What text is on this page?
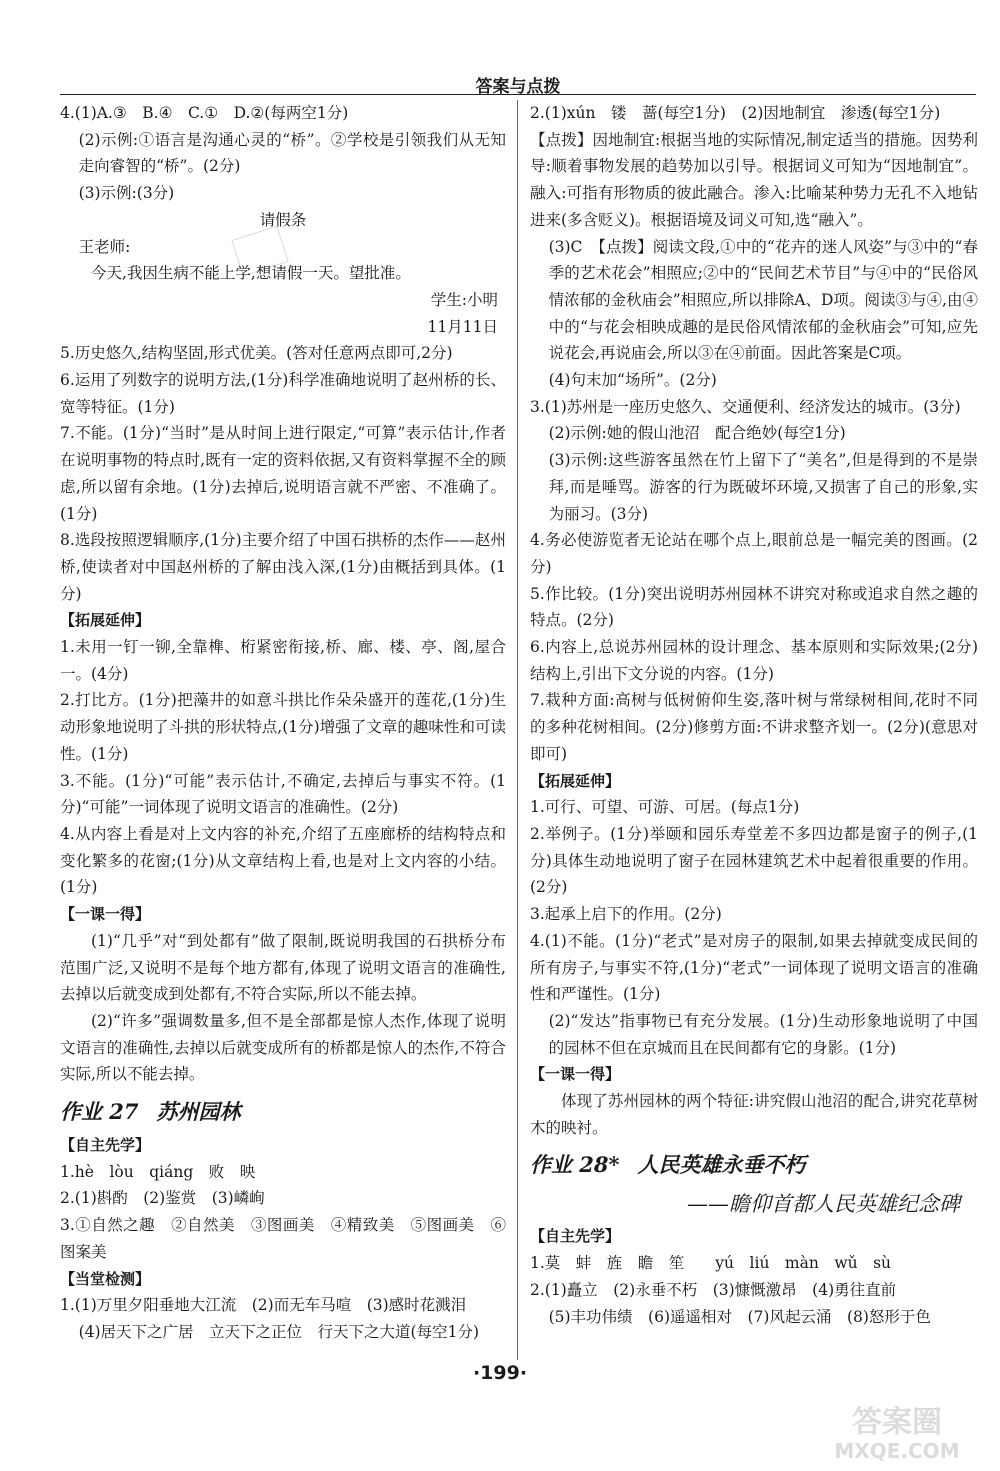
答案与点拨

4.(1)A.③　B.④　C.①　D.②(每两空1分)

(2)示例:①语言是沟通心灵的“桥”。②学校是引领我们从无知走向睿智的“桥”。(2分)

(3)示例:(3分)

请假条

王老师:

今天,我因生病不能上学,想请假一天。望批准。

学生:小明

11月11日

5.历史悠久,结构坚固,形式优美。(答对任意两点即可,2分)

6.运用了列数字的说明方法,(1分)科学准确地说明了赵州桥的长、宽等特征。(1分)

7.不能。(1分)“当时”是从时间上进行限定,“可算”表示估计,作者在说明事物的特点时,既有一定的资料依据,又有资料掌握不全的顾虑,所以留有余地。(1分)去掉后,说明语言就不严密、不准确了。(1分)

8.选段按照逻辑顺序,(1分)主要介绍了中国石拱桥的杰作——赵州桥,使读者对中国赵州桥的了解由浅入深,(1分)由概括到具体。(1分)

【拓展延伸】

1.未用一钉一铆,全靠榫、桁紧密衔接,桥、廊、楼、亭、阁,屋合一。(4分)

2.打比方。(1分)把藻井的如意斗拱比作朵朵盛开的莲花,(1分)生动形象地说明了斗拱的形状特点,(1分)增强了文章的趣味性和可读性。(1分)

3.不能。(1分)“可能”表示估计,不确定,去掉后与事实不符。(1分)“可能”一词体现了说明文语言的准确性。(2分)

4.从内容上看是对上文内容的补充,介绍了五座廊桥的结构特点和变化繁多的花窗;(1分)从文章结构上看,也是对上文内容的小结。(1分)

【一课一得】

(1)“几乎”对“到处都有”做了限制,既说明我国的石拱桥分布范围广泛,又说明不是每个地方都有,体现了说明文语言的准确性,去掉以后就变成到处都有,不符合实际,所以不能去掉。

(2)“许多”强调数量多,但不是全部都是惊人杰作,体现了说明文语言的准确性,去掉以后就变成所有的桥都是惊人的杰作,不符合实际,所以不能去掉。

作业 27 苏州园林

【自主先学】

1.hè　lòu　qiáng　败　映

2.(1)斟酌　(2)鉴赏　(3)嶙峋

3.①自然之趣　②自然美　③图画美　④精致美　⑤图画美　⑥图案美

【当堂检测】

1.(1)万里夕阳垂地大江流　(2)而无车马喧　(3)感时花溅泪

(4)居天下之广居　立天下之正位　行天下之大道(每空1分)

2.(1)xún　镂　蔷(每空1分)　(2)因地制宜　渗透(每空1分)

【点拨】因地制宜:根据当地的实际情况,制定适当的措施。因势利导:顺着事物发展的趋势加以引导。根据词义可知为“因地制宜”。融入:可指有形物质的彼此融合。渗入:比喻某种势力无孔不入地钻进来(多含贬义)。根据语境及词义可知,选“融入”。

(3)C　【点拨】阅读文段,①中的“花卉的迷人风姿”与③中的“春季的艺术花会”相照应;②中的“民间艺术节目”与④中的“民俗风情浓郁的金秋庙会”相照应,所以排除A、D项。阅读③与④,由④中的“与花会相映成趣的是民俗风情浓郁的金秋庙会”可知,应先说花会,再说庙会,所以③在④前面。因此答案是C项。

(4)句末加“场所”。(2分)

3.(1)苏州是一座历史悠久、交通便利、经济发达的城市。(3分)

(2)示例:她的假山池沼　配合绝妙(每空1分)

(3)示例:这些游客虽然在竹上留下了“美名”,但是得到的不是崇拜,而是唾骂。游客的行为既破坏环境,又损害了自己的形象,实为丽习。(3分)

4.务必使游览者无论站在哪个点上,眼前总是一幅完美的图画。(2分)

5.作比较。(1分)突出说明苏州园林不讲究对称或追求自然之趣的特点。(2分)

6.内容上,总说苏州园林的设计理念、基本原则和实际效果;(2分)结构上,引出下文分说的内容。(1分)

7.栽种方面:高树与低树俯仰生姿,落叶树与常绿树相间,花时不同的多种花树相间。(2分)修剪方面:不讲求整齐划一。(2分)(意思对即可)

【拓展延伸】

1.可行、可望、可游、可居。(每点1分)

2.举例子。(1分)举颐和园乐寿堂差不多四边都是窗子的例子,(1分)具体生动地说明了窗子在园林建筑艺术中起着很重要的作用。(2分)

3.起承上启下的作用。(2分)

4.(1)不能。(1分)“老式”是对房子的限制,如果去掉就变成民间的所有房子,与事实不符,(1分)“老式”一词体现了说明文语言的准确性和严谨性。(1分)

(2)“发达”指事物已有充分发展。(1分)生动形象地说明了中国的园林不但在京城而且在民间都有它的身影。(1分)

【一课一得】

体现了苏州园林的两个特征:讲究假山池沼的配合,讲究花草树木的映衬。

作业 28* 人民英雄永垂不朽

——瞻仰首都人民英雄纪念碑

【自主先学】

1.莫　蚌　旌　瞻　笙　　yú　liú　màn　wǔ　sù

2.(1)矗立　(2)永垂不朽　(3)慷慨激昂　(4)勇往直前

(5)丰功伟绩　(6)遥遥相对　(7)风起云涌　(8)怒形于色

·199·
答案圈
MXQE.COM
